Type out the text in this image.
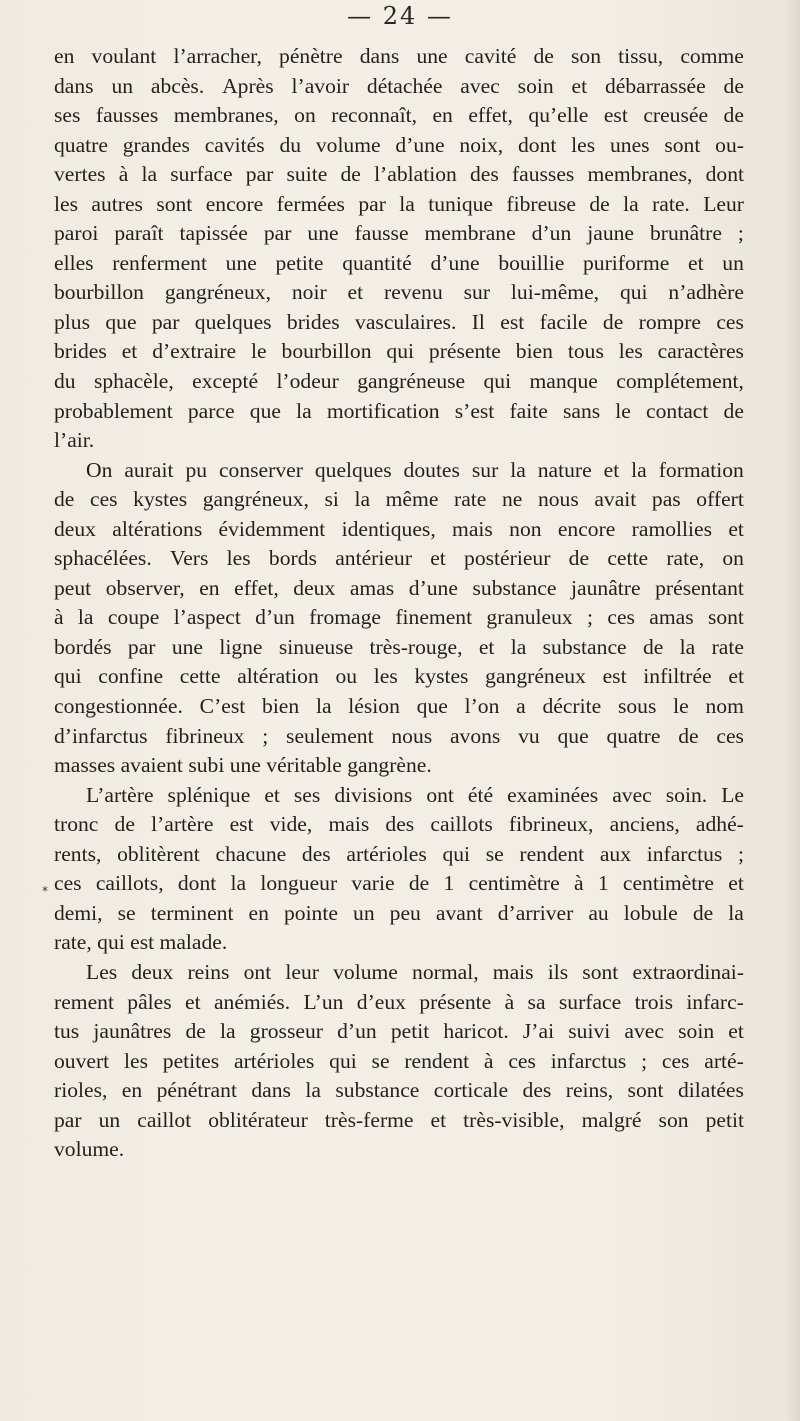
— 24 —
*
en voulant l’arracher, pénètre dans une cavité de son tissu, comme
dans un abcès. Après l’avoir détachée avec soin et débarrassée de
ses fausses membranes, on reconnaît, en effet, qu’elle est creusée de
quatre grandes cavités du volume d’une noix, dont les unes sont ou-
vertes à la surface par suite de l’ablation des fausses membranes, dont
les autres sont encore fermées par la tunique fibreuse de la rate. Leur
paroi paraît tapissée par une fausse membrane d’un jaune brunâtre ;
elles renferment une petite quantité d’une bouillie puriforme et un
bourbillon gangréneux, noir et revenu sur lui-même, qui n’adhère
plus que par quelques brides vasculaires. Il est facile de rompre ces
brides et d’extraire le bourbillon qui présente bien tous les caractères
du sphacèle, excepté l’odeur gangréneuse qui manque complétement,
probablement parce que la mortification s’est faite sans le contact de
l’air.
On aurait pu conserver quelques doutes sur la nature et la formation
de ces kystes gangréneux, si la même rate ne nous avait pas offert
deux altérations évidemment identiques, mais non encore ramollies et
sphacélées. Vers les bords antérieur et postérieur de cette rate, on
peut observer, en effet, deux amas d’une substance jaunâtre présentant
à la coupe l’aspect d’un fromage finement granuleux ; ces amas sont
bordés par une ligne sinueuse très-rouge, et la substance de la rate
qui confine cette altération ou les kystes gangréneux est infiltrée et
congestionnée. C’est bien la lésion que l’on a décrite sous le nom
d’infarctus fibrineux ; seulement nous avons vu que quatre de ces
masses avaient subi une véritable gangrène.
L’artère splénique et ses divisions ont été examinées avec soin. Le
tronc de l’artère est vide, mais des caillots fibrineux, anciens, adhé-
rents, oblitèrent chacune des artérioles qui se rendent aux infarctus ;
ces caillots, dont la longueur varie de 1 centimètre à 1 centimètre et
demi, se terminent en pointe un peu avant d’arriver au lobule de la
rate, qui est malade.
Les deux reins ont leur volume normal, mais ils sont extraordinai-
rement pâles et anémiés. L’un d’eux présente à sa surface trois infarc-
tus jaunâtres de la grosseur d’un petit haricot. J’ai suivi avec soin et
ouvert les petites artérioles qui se rendent à ces infarctus ; ces arté-
rioles, en pénétrant dans la substance corticale des reins, sont dilatées
par un caillot oblitérateur très-ferme et très-visible, malgré son petit
volume.
